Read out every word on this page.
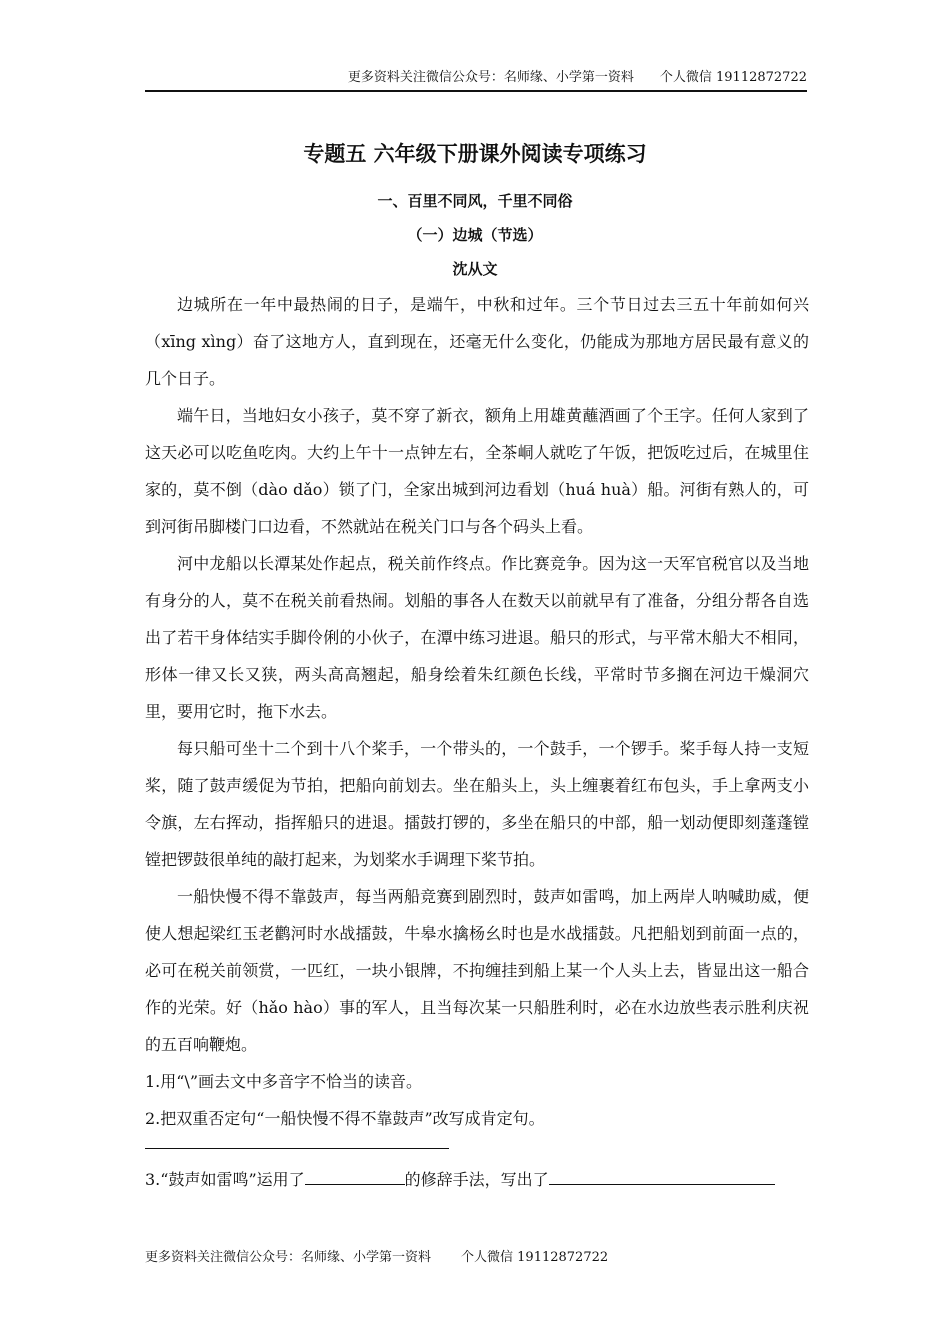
更多资料关注微信公众号：名师缘、小学第一资料 个人微信 19112872722
专题五 六年级下册课外阅读专项练习
一、百里不同风，千里不同俗
（一）边城（节选）
沈从文

边城所在一年中最热闹的日子，是端午，中秋和过年。三个节日过去三五十年前如何兴（xīng xìng）奋了这地方人，直到现在，还毫无什么变化，仍能成为那地方居民最有意义的几个日子。

端午日，当地妇女小孩子，莫不穿了新衣，额角上用雄黄蘸酒画了个王字。任何人家到了这天必可以吃鱼吃肉。大约上午十一点钟左右，全茶峒人就吃了午饭，把饭吃过后，在城里住家的，莫不倒（dào dǎo）锁了门，全家出城到河边看划（huá huà）船。河街有熟人的，可到河街吊脚楼门口边看，不然就站在税关门口与各个码头上看。

河中龙船以长潭某处作起点，税关前作终点。作比赛竞争。因为这一天军官税官以及当地有身分的人，莫不在税关前看热闹。划船的事各人在数天以前就早有了准备，分组分帮各自选出了若干身体结实手脚伶俐的小伙子，在潭中练习进退。船只的形式，与平常木船大不相同，形体一律又长又狭，两头高高翘起，船身绘着朱红颜色长线，平常时节多搁在河边干燥洞穴里，要用它时，拖下水去。

每只船可坐十二个到十八个桨手，一个带头的，一个鼓手，一个锣手。桨手每人持一支短桨，随了鼓声缓促为节拍，把船向前划去。坐在船头上，头上缠裹着红布包头，手上拿两支小令旗，左右挥动，指挥船只的进退。擂鼓打锣的，多坐在船只的中部，船一划动便即刻蓬蓬镗镗把锣鼓很单纯的敲打起来，为划桨水手调理下桨节拍。

一船快慢不得不靠鼓声，每当两船竞赛到剧烈时，鼓声如雷鸣，加上两岸人呐喊助威，便使人想起梁红玉老鹳河时水战擂鼓，牛皋水擒杨幺时也是水战擂鼓。凡把船划到前面一点的，必可在税关前领赏，一匹红，一块小银牌，不拘缠挂到船上某一个人头上去，皆显出这一船合作的光荣。好（hǎo hào）事的军人，且当每次某一只船胜利时，必在水边放些表示胜利庆祝的五百响鞭炮。

1.用“\”画去文中多音字不恰当的读音。

2.把双重否定句“一船快慢不得不靠鼓声”改写成肯定句。

3.“鼓声如雷鸣”运用了	的修辞手法，写出了
更多资料关注微信公众号：名师缘、小学第一资料 个人微信 19112872722
